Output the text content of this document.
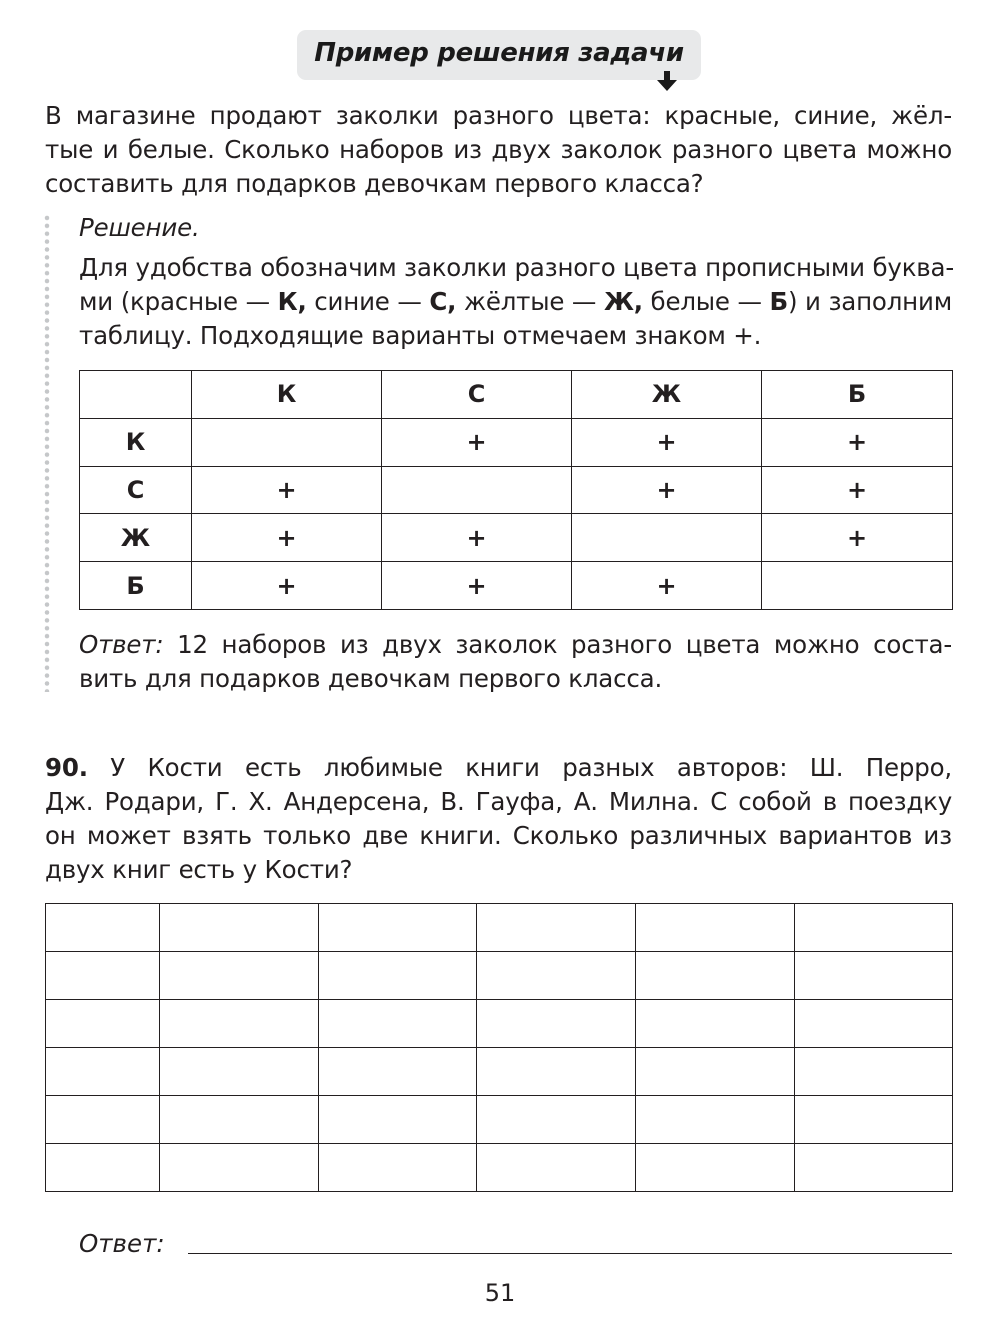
Пример решения задачи
В магазине продают заколки разного цвета: красные, синие, жёл-
тые и белые. Сколько наборов из двух заколок разного цвета можно
составить для подарков девочкам первого класса?
Решение.
Для удобства обозначим заколки разного цвета прописными буква-
ми (красные — К, синие — С, жёлтые — Ж, белые — Б) и заполним
таблицу. Подходящие варианты отмечаем знаком +.
	К	С	Ж	Б
К		+	+	+
С	+		+	+
Ж	+	+		+
Б	+	+	+	
Ответ: 12 наборов из двух заколок разного цвета можно соста-
вить для подарков девочкам первого класса.
90. У Кости есть любимые книги разных авторов: Ш. Перро,
Дж. Родари, Г. Х. Андерсена, В. Гауфа, А. Милна. С собой в поездку
он может взять только две книги. Сколько различных вариантов из
двух книг есть у Кости?

Ответ:
51
